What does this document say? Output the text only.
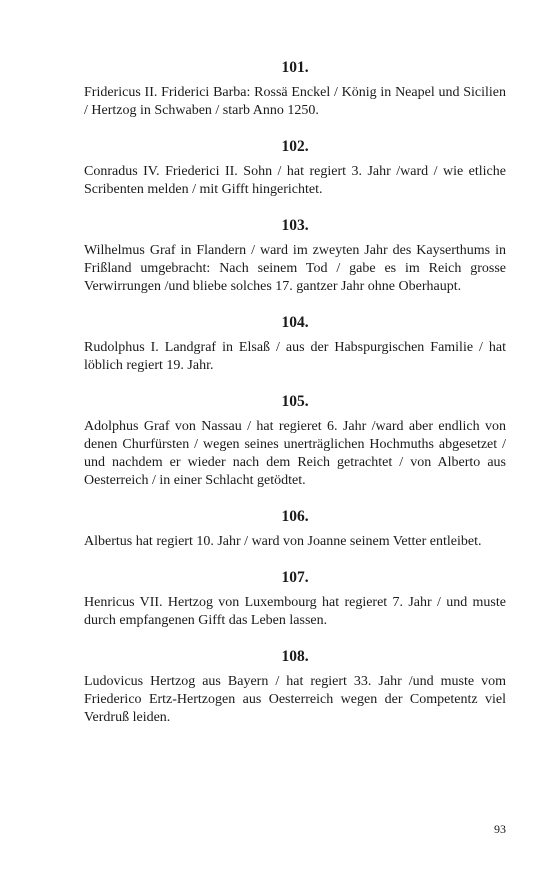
101.

Fridericus II. Friderici Barba: Rossä Enckel / König in Neapel und Sicilien / Hertzog in Schwaben / starb Anno 1250.

102.

Conradus IV. Friederici II. Sohn / hat regiert 3. Jahr /ward / wie etliche Scribenten melden / mit Gifft hingerichtet.

103.

Wilhelmus Graf in Flandern / ward im zweyten Jahr des Kayserthums in Frißland umgebracht: Nach seinem Tod / gabe es im Reich grosse Verwirrungen /und bliebe solches 17. gantzer Jahr ohne Oberhaupt.

104.

Rudolphus I. Landgraf in Elsaß / aus der Habspurgischen Familie / hat löblich regiert 19. Jahr.

105.

Adolphus Graf von Nassau / hat regieret 6. Jahr /ward aber endlich von denen Churfürsten / wegen seines unerträglichen Hochmuths abgesetzet / und nachdem er wieder nach dem Reich getrachtet / von Alberto aus Oesterreich / in einer Schlacht getödtet.

106.

Albertus hat regiert 10. Jahr / ward von Joanne seinem Vetter entleibet.

107.

Henricus VII. Hertzog von Luxembourg hat regieret 7. Jahr / und muste durch empfangenen Gifft das Leben lassen.

108.

Ludovicus Hertzog aus Bayern / hat regiert 33. Jahr /und muste vom Friederico Ertz-Hertzogen aus Oesterreich wegen der Competentz viel Verdruß leiden.

93
